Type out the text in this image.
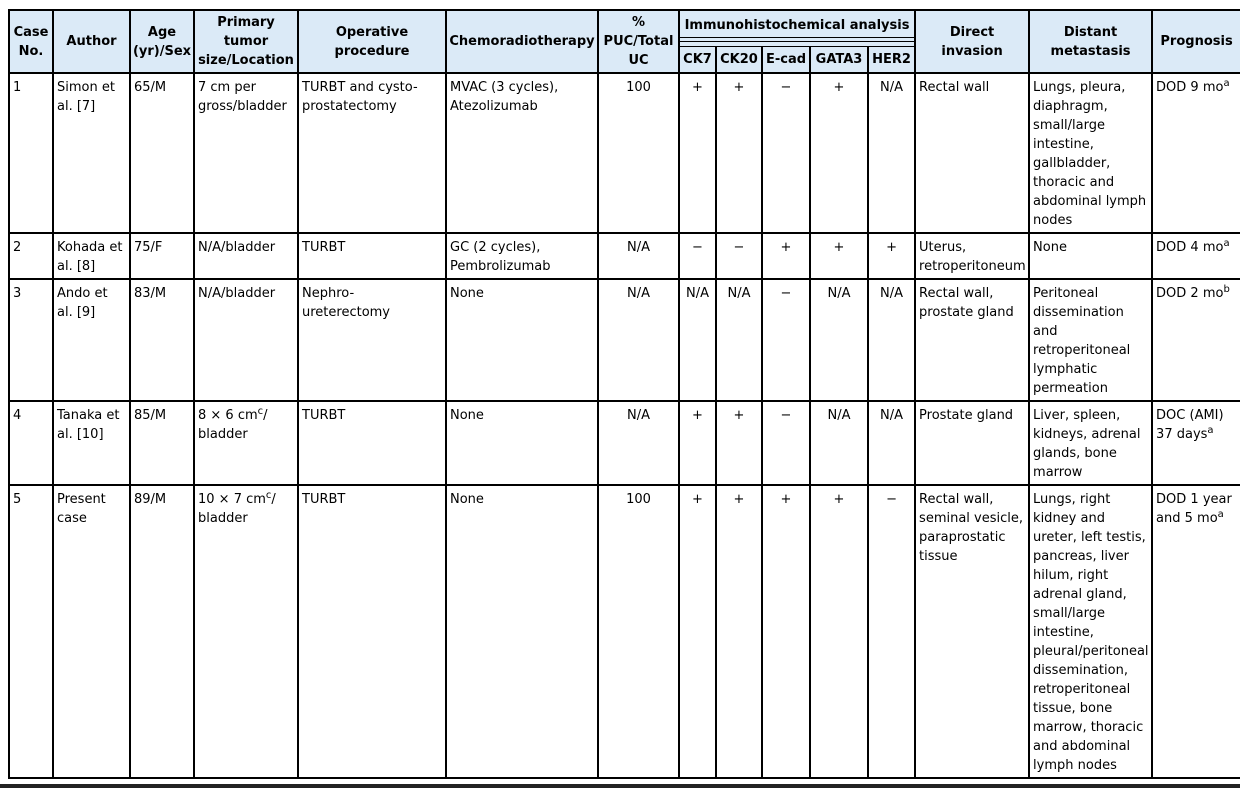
Case No.	Author	Age (yr)/Sex	Primary tumor size/Location	Operative procedure	Chemoradiotherapy	% PUC/Total UC	Immunohistochemical analysis					Direct invasion	Distant metastasis	Prognosis
							CK7	CK20	E-cad	GATA3	HER2			
1	Simon et al. [7]	65/M	7 cm per gross/bladder	TURBT and cysto-prostatectomy	MVAC (3 cycles), Atezolizumab	100	+	+	−	+	N/A	Rectal wall	Lungs, pleura, diaphragm, small/large intestine, gallbladder, thoracic and abdominal lymph nodes	DOD 9 $mo^a$
2	Kohada et al. [8]	75/F	N/A/bladder	TURBT	GC (2 cycles), Pembrolizumab	N/A	−	−	+	+	+	Uterus, retroperitoneum	None	DOD 4 $mo^a$
3	Ando et al. [9]	83/M	N/A/bladder	Nephro-ureterectomy	None	N/A	N/A	N/A	−	N/A	N/A	Rectal wall, prostate gland	Peritoneal dissemination and retroperitoneal lymphatic permeation	DOD 2 $mo^b$
4	Tanaka et al. [10]	85/M	8 × 6 $cm^c/$ bladder	TURBT	None	N/A	+	+	−	N/A	N/A	Prostate gland	Liver, spleen, kidneys, adrenal glands, bone marrow	DOC (AMI) 37 days$^a$
5	Present case	89/M	10 × 7 $cm^c/$ bladder	TURBT	None	100	+	+	+	+	−	Rectal wall, seminal vesicle, paraprostatic tissue	Lungs, right kidney and ureter, left testis, pancreas, liver hilum, right adrenal gland, small/large intestine, pleural/peritoneal dissemination, retroperitoneal tissue, bone marrow, thoracic and abdominal lymph nodes	DOD 1 year and 5 $mo^a$
